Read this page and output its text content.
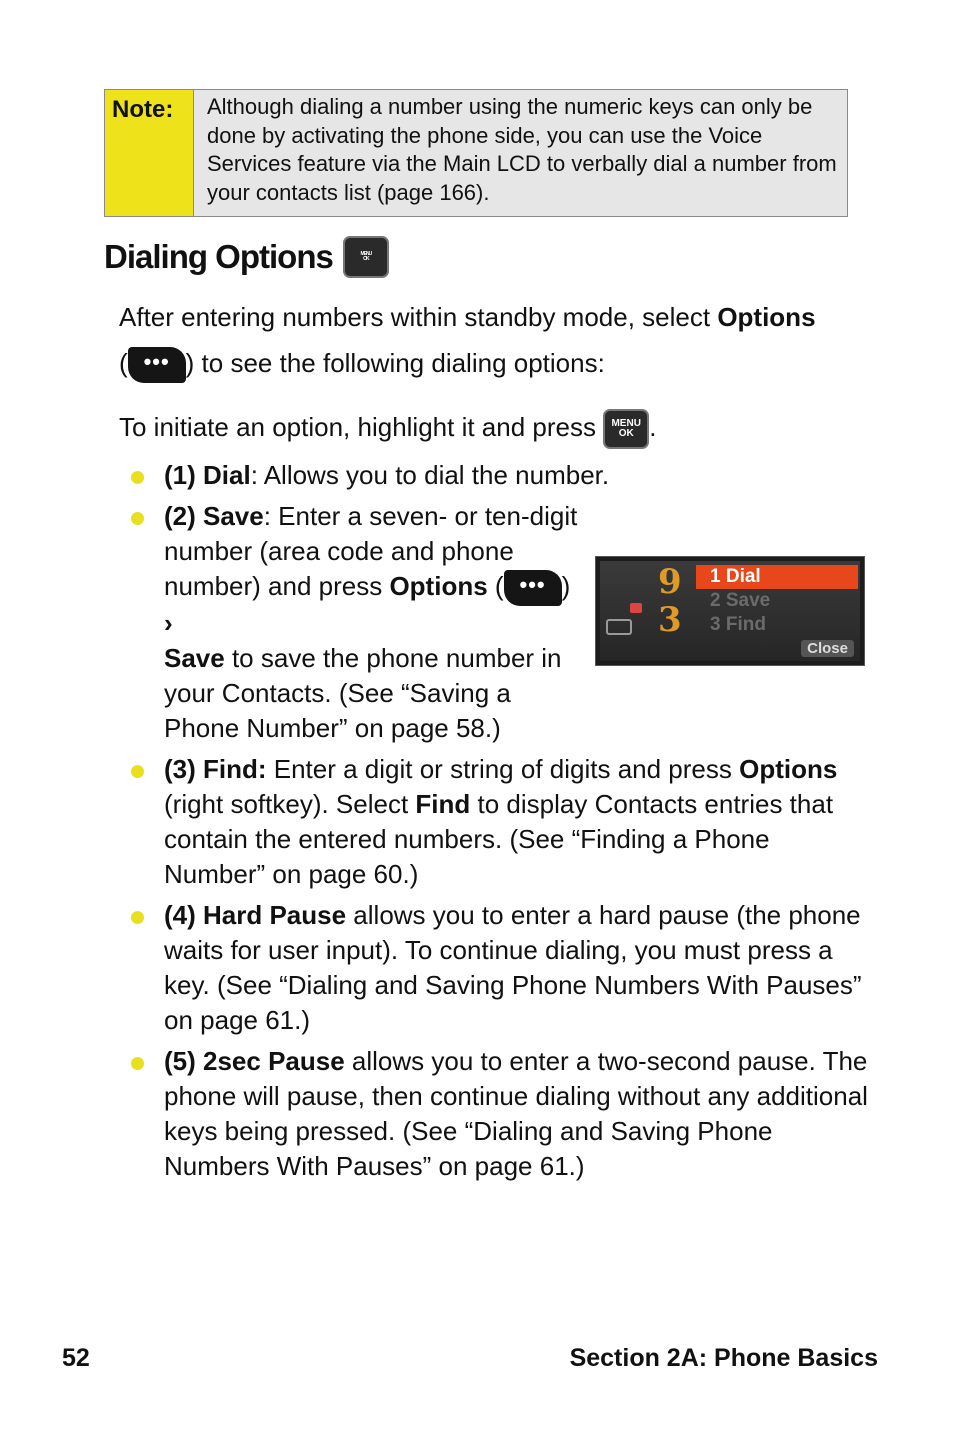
Note:	Although dialing a number using the numeric keys can only be done by activating the phone side, you can use the Voice Services feature via the Main LCD to verbally dial a number from your contacts list (page 166).
Dialing Options	MENU
OK
After entering numbers within standby mode, select Options
( ••• ) to see the following dialing options:
To initiate an option, highlight it and press MENU
OK .
(1) Dial: Allows you to dial the number.
(2) Save: Enter a seven- or ten-digit number (area code and phone number) and press Options ( ••• ) ›
Save to save the phone number in your Contacts. (See “Saving a Phone Number” on page 58.)
(3) Find: Enter a digit or string of digits and press Options (right softkey). Select Find to display Contacts entries that contain the entered numbers. (See “Finding a Phone Number” on page 60.)
(4) Hard Pause allows you to enter a hard pause (the phone waits for user input). To continue dialing, you must press a key. (See “Dialing and Saving Phone Numbers With Pauses” on page 61.)
(5) 2sec Pause allows you to enter a two-second pause. The phone will pause, then continue dialing without any additional keys being pressed. (See “Dialing and Saving Phone Numbers With Pauses” on page 61.)
9
3
1 Dial
2 Save
3 Find
Close
52	Section 2A: Phone Basics
